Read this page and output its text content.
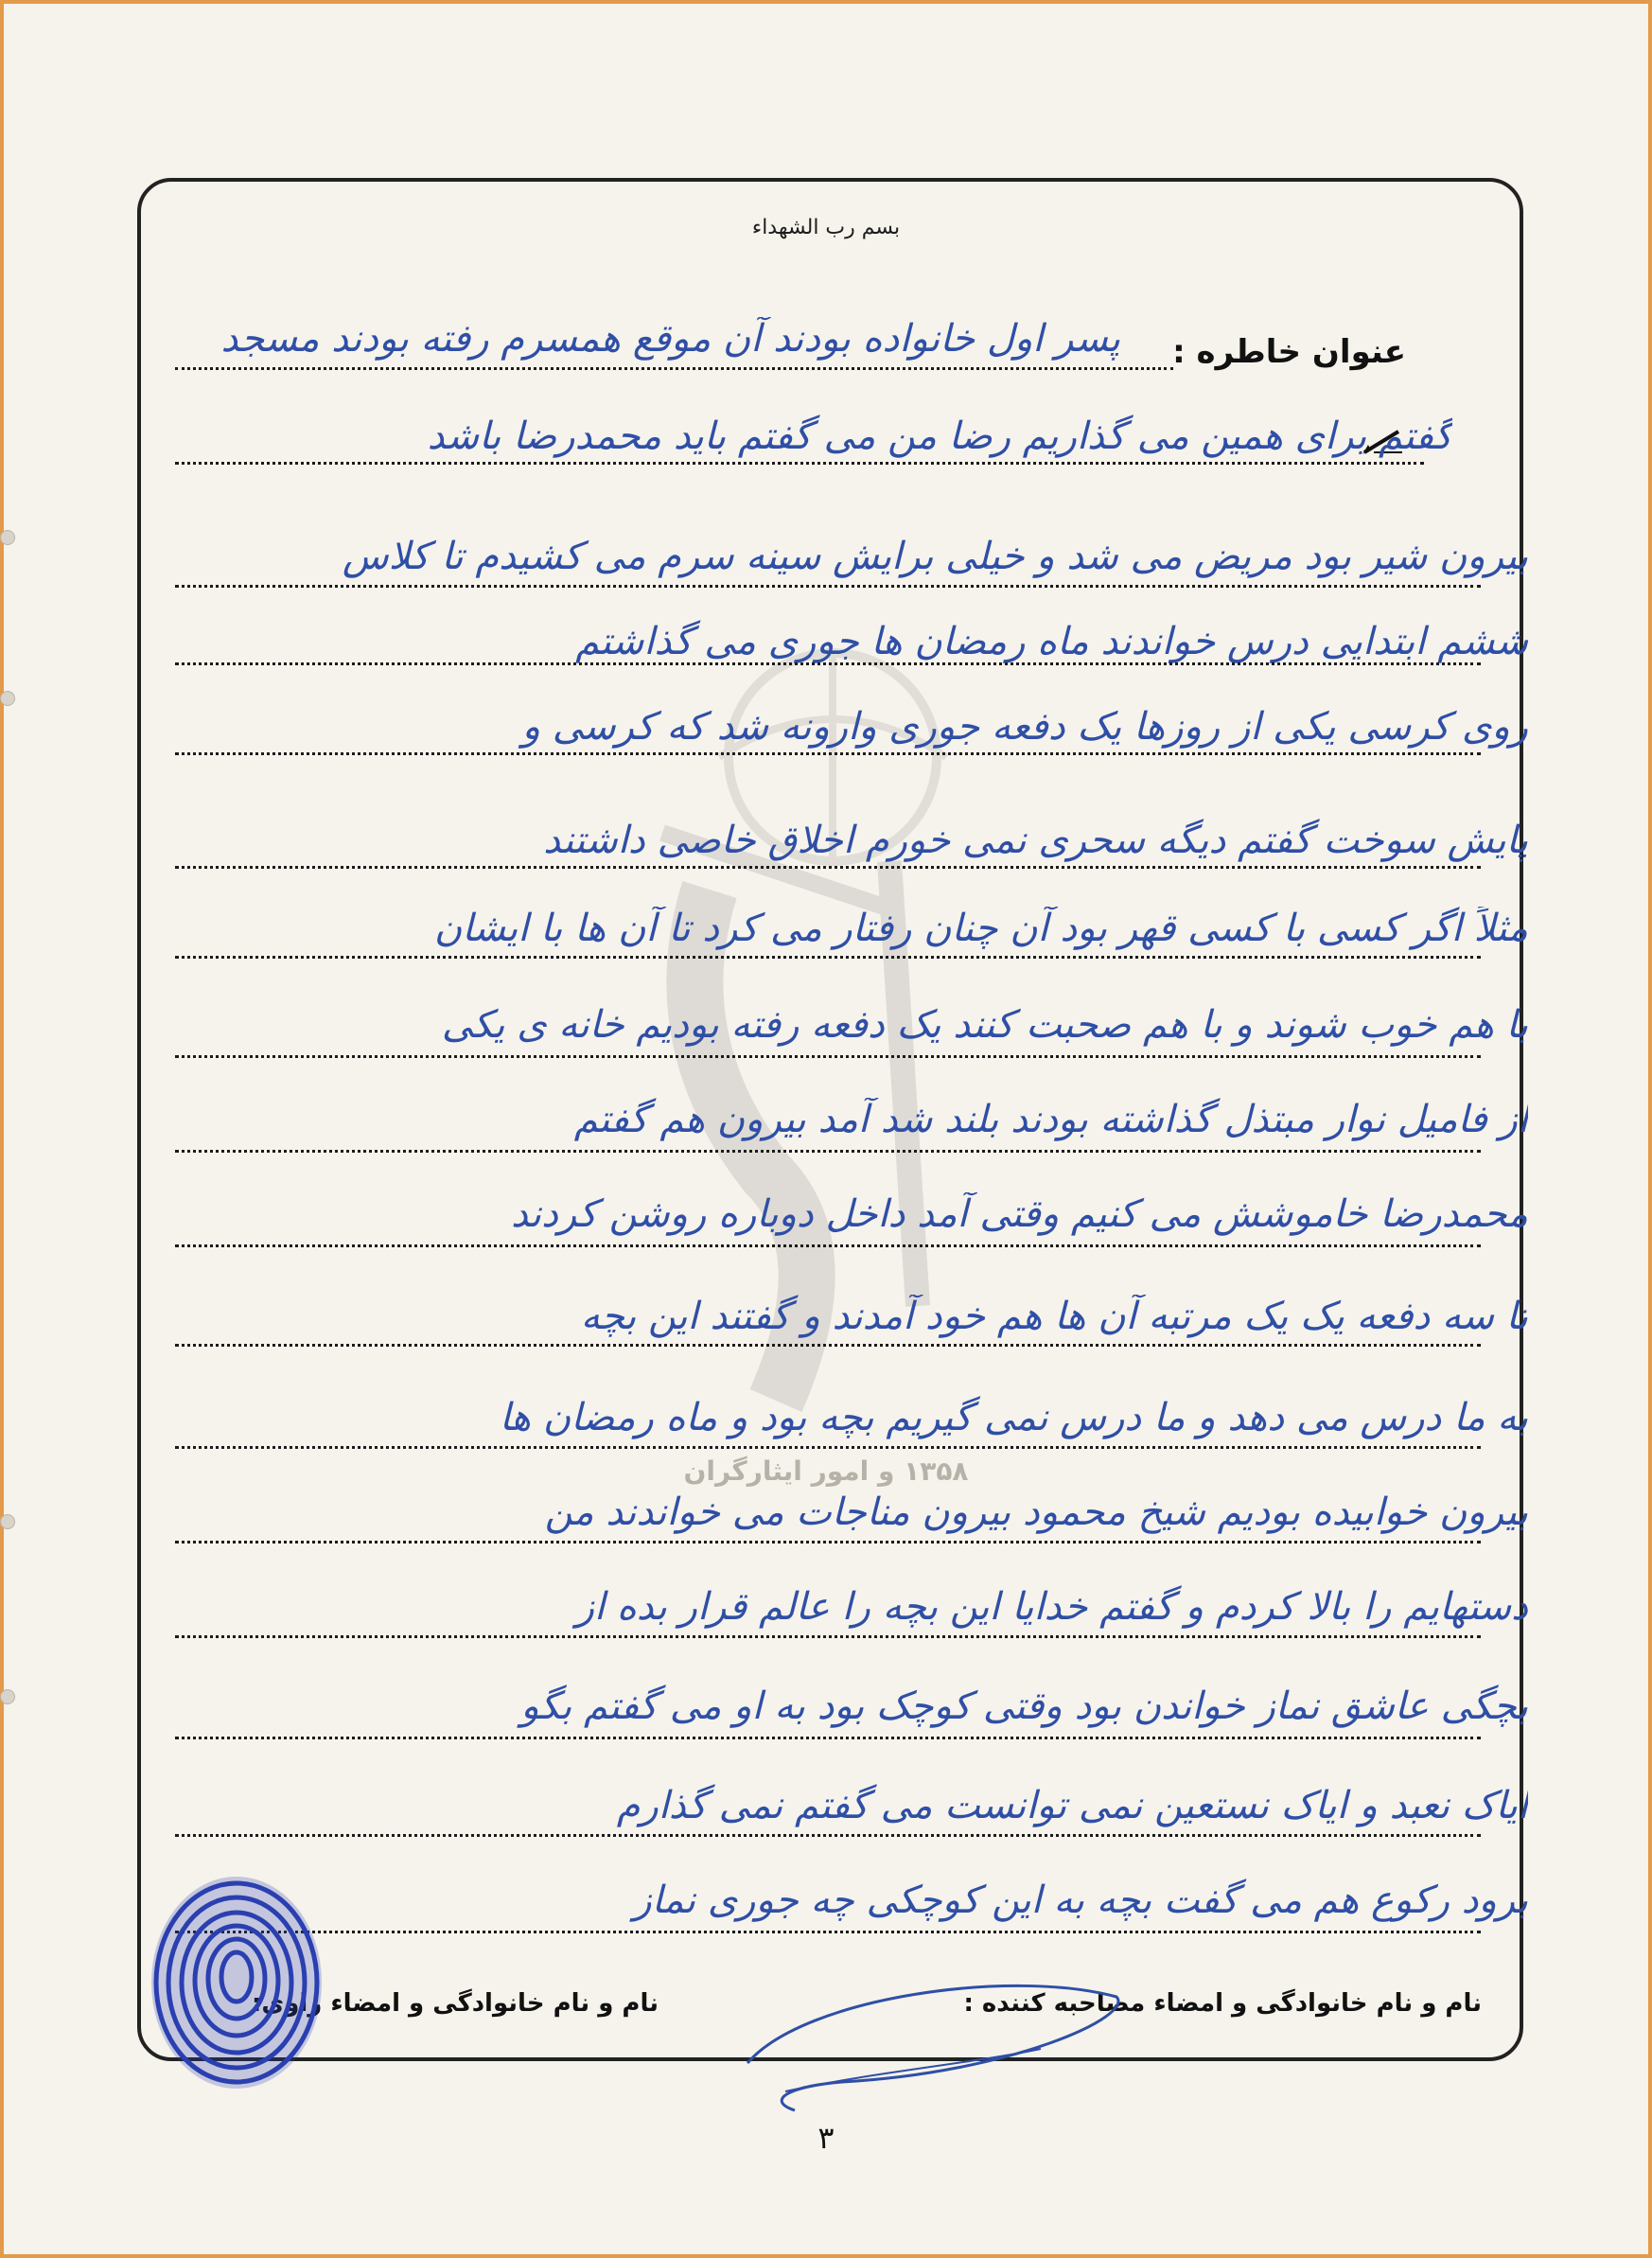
بسم رب الشهداء
۱۳۵۸ و امور ایثارگران
عنوان خاطره :
پسر اول خانواده بودند آن موقع همسرم رفته بودند مسجد
گفتم برای همین می گذاریم رضا من می گفتم باید محمدرضا باشد
بیرون شیر بود مریض می شد و خیلی برایش سینه سرم می کشیدم تا کلاس
ششم ابتدایی درس خواندند ماه رمضان ها جوری می گذاشتم
روی کرسی یکی از روزها یک دفعه جوری وارونه شد که کرسی و
پایش سوخت گفتم دیگه سحری نمی خورم اخلاق خاصی داشتند
مثلاً اگر کسی با کسی قهر بود آن چنان رفتار می کرد تا آن ها با ایشان
با هم خوب شوند و با هم صحبت کنند یک دفعه رفته بودیم خانه ی یکی
از فامیل نوار مبتذل گذاشته بودند بلند شد آمد بیرون هم گفتم
محمدرضا خاموشش می کنیم وقتی آمد داخل دوباره روشن کردند
تا سه دفعه یک یک مرتبه آن ها هم خود آمدند و گفتند این بچه
به ما درس می دهد و ما درس نمی گیریم بچه بود و ماه رمضان ها
بیرون خوابیده بودیم شیخ محمود بیرون مناجات می خواندند من
دستهایم را بالا کردم و گفتم خدایا این بچه را عالم قرار بده از
بچگی عاشق نماز خواندن بود وقتی کوچک بود به او می گفتم بگو
ایاک نعبد و ایاک نستعین نمی توانست می گفتم نمی گذارم
برود رکوع هم می گفت بچه به این کوچکی چه جوری نماز
نام و نام خانوادگی و امضاء مصاحبه کننده :
نام و نام خانوادگی و امضاء راوی:
۳
